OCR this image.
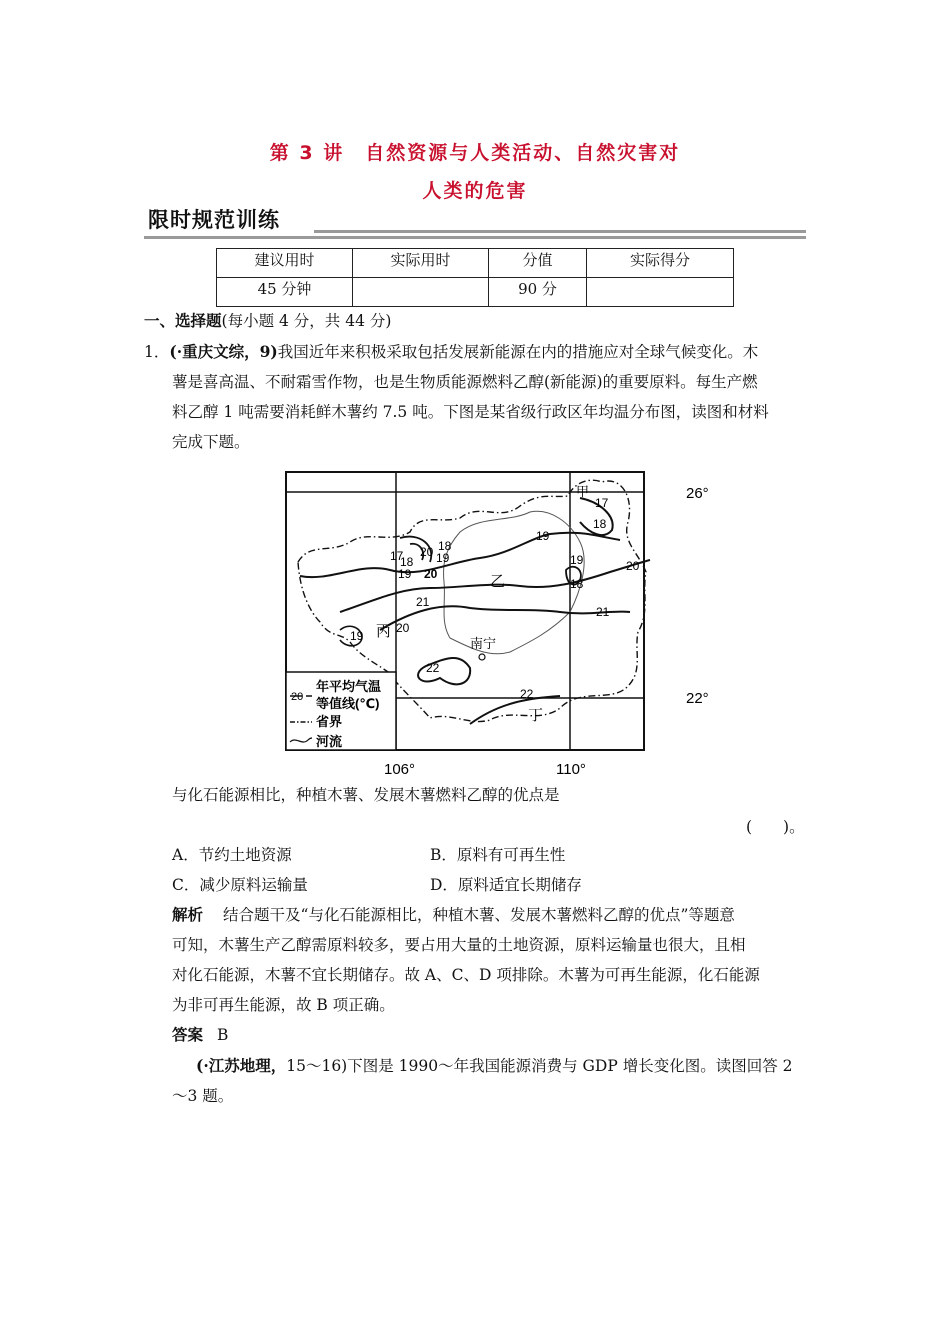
第 3 讲　自然资源与人类活动、自然灾害对
人类的危害
限时规范训练
建议用时	实际用时	分值	实际得分
45 分钟		90 分	
一、选择题(每小题 4 分，共 44 分)
1．(·重庆文综，9)我国近年来积极采取包括发展新能源在内的措施应对全球气候变化。木
薯是喜高温、不耐霜雪作物，也是生物质能源燃料乙醇(新能源)的重要原料。每生产燃
料乙醇 1 吨需要消耗鲜木薯约 7.5 吨。下图是某省级行政区年均温分布图，读图和材料
完成下题。
17
18
19
17
18
19
20 18
19
20
19
18
20
21
21
20
19
22
22
甲
乙
丙
丁
南宁
20
年平均气温
等值线(℃)
省界
河流
26°
22°
106°	110°
与化石能源相比，种植木薯、发展木薯燃料乙醇的优点是
(　　)。
A．节约土地资源	B．原料有可再生性
C．减少原料运输量	D．原料适宜长期储存
解析 结合题干及“与化石能源相比，种植木薯、发展木薯燃料乙醇的优点”等题意
可知，木薯生产乙醇需原料较多，要占用大量的土地资源，原料运输量也很大，且相
对化石能源，木薯不宜长期储存。故 A、C、D 项排除。木薯为可再生能源，化石能源
为非可再生能源，故 B 项正确。
答案 B
(·江苏地理，15～16)下图是 1990～年我国能源消费与 GDP 增长变化图。读图回答 2
～3 题。
